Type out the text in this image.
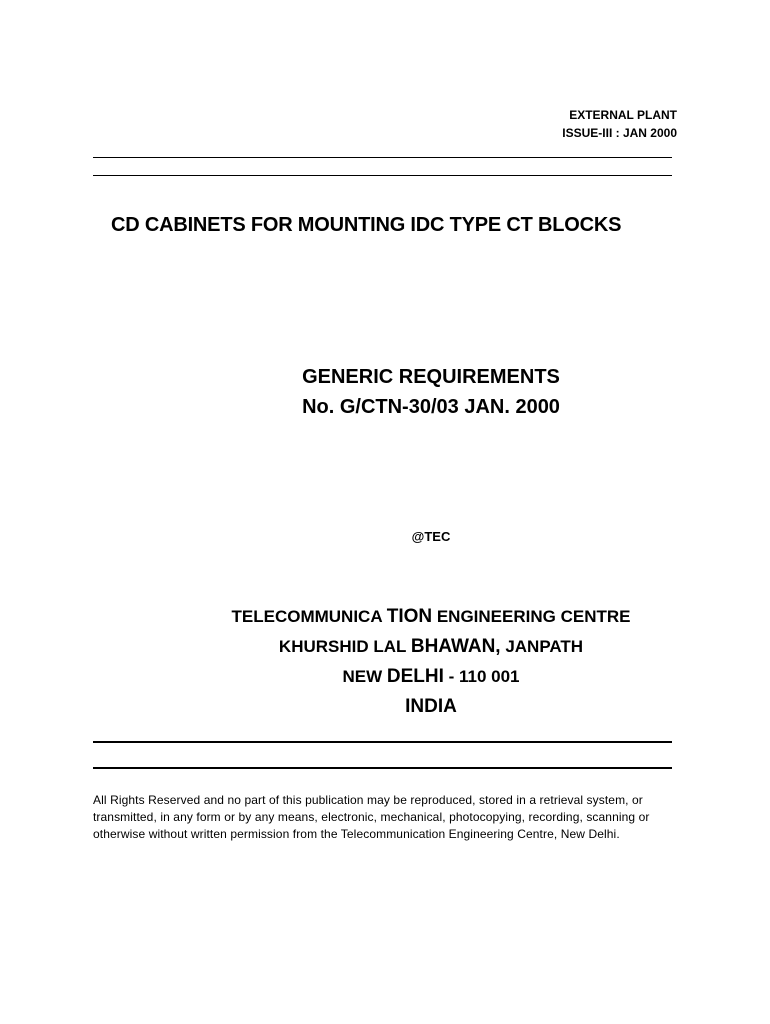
EXTERNAL PLANT
ISSUE-III : JAN 2000
CD CABINETS FOR MOUNTING IDC TYPE CT BLOCKS
GENERIC REQUIREMENTS
No. G/CTN-30/03 JAN. 2000
@TEC
TELECOMMUNICA TION ENGINEERING CENTRE
KHURSHID LAL BHAWAN, JANPATH
NEW DELHI - 110 001
INDIA
All Rights Reserved and no part of this publication may be reproduced, stored in a retrieval system, or transmitted, in any form or by any means, electronic, mechanical, photocopying, recording, scanning or otherwise without written permission from the Telecommunication Engineering Centre, New Delhi.
